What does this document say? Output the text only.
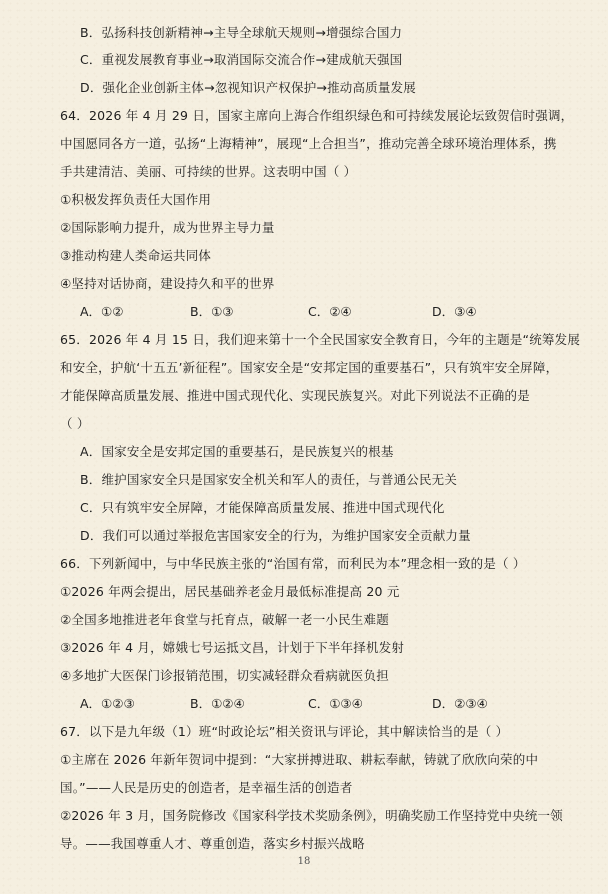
B．弘扬科技创新精神→主导全球航天规则→增强综合国力
C．重视发展教育事业→取消国际交流合作→建成航天强国
D．强化企业创新主体→忽视知识产权保护→推动高质量发展
64．2026 年 4 月 29 日，国家主席向上海合作组织绿色和可持续发展论坛致贺信时强调，
中国愿同各方一道，弘扬“上海精神”，展现“上合担当”，推动完善全球环境治理体系，携
手共建清洁、美丽、可持续的世界。这表明中国（ ）
①积极发挥负责任大国作用
②国际影响力提升，成为世界主导力量
③推动构建人类命运共同体
④坚持对话协商，建设持久和平的世界
A．①②	B．①③	C．②④	D．③④
65．2026 年 4 月 15 日，我们迎来第十一个全民国家安全教育日，今年的主题是“统筹发展
和安全，护航‘十五五’新征程”。国家安全是“安邦定国的重要基石”，只有筑牢安全屏障，
才能保障高质量发展、推进中国式现代化、实现民族复兴。对此下列说法不正确的是
（ ）
A．国家安全是安邦定国的重要基石，是民族复兴的根基
B．维护国家安全只是国家安全机关和军人的责任，与普通公民无关
C．只有筑牢安全屏障，才能保障高质量发展、推进中国式现代化
D．我们可以通过举报危害国家安全的行为，为维护国家安全贡献力量
66．下列新闻中，与中华民族主张的“治国有常，而利民为本”理念相一致的是（ ）
①2026 年两会提出，居民基础养老金月最低标准提高 20 元
②全国多地推进老年食堂与托育点，破解一老一小民生难题
③2026 年 4 月，嫦娥七号运抵文昌，计划于下半年择机发射
④多地扩大医保门诊报销范围，切实减轻群众看病就医负担
A．①②③	B．①②④	C．①③④	D．②③④
67．以下是九年级（1）班“时政论坛”相关资讯与评论，其中解读恰当的是（ ）
①主席在 2026 年新年贺词中提到：“大家拼搏进取、耕耘奉献，铸就了欣欣向荣的中
国。”——人民是历史的创造者，是幸福生活的创造者
②2026 年 3 月，国务院修改《国家科学技术奖励条例》，明确奖励工作坚持党中央统一领
导。——我国尊重人才、尊重创造，落实乡村振兴战略
18
